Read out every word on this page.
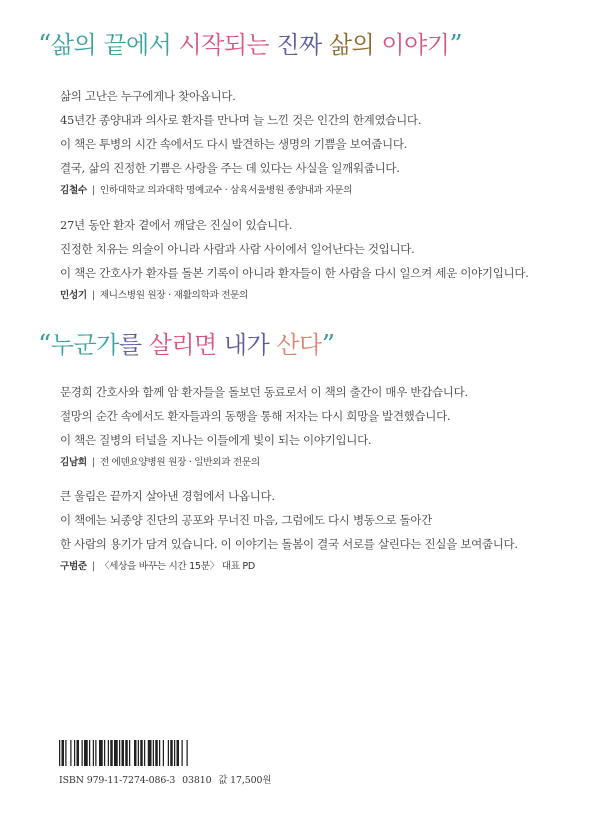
“삶의 끝에서 시작되는 진짜 삶의 이야기”
삶의 고난은 누구에게나 찾아옵니다.
45년간 종양내과 의사로 환자를 만나며 늘 느낀 것은 인간의 한계였습니다.
이 책은 투병의 시간 속에서도 다시 발견하는 생명의 기쁨을 보여줍니다.
결국, 삶의 진정한 기쁨은 사랑을 주는 데 있다는 사실을 일깨워줍니다.
김철수 | 인하대학교 의과대학 명예교수 · 삼육서울병원 종양내과 자문의
27년 동안 환자 곁에서 깨달은 진실이 있습니다.
진정한 치유는 의술이 아니라 사람과 사람 사이에서 일어난다는 것입니다.
이 책은 간호사가 환자를 돌본 기록이 아니라 환자들이 한 사람을 다시 일으켜 세운 이야기입니다.
민성기 | 제니스병원 원장 · 재활의학과 전문의
“누군가를 살리면 내가 산다”
문경희 간호사와 함께 암 환자들을 돌보던 동료로서 이 책의 출간이 매우 반갑습니다.
절망의 순간 속에서도 환자들과의 동행을 통해 저자는 다시 희망을 발견했습니다.
이 책은 질병의 터널을 지나는 이들에게 빛이 되는 이야기입니다.
김남희 | 전 에덴요양병원 원장 · 일반외과 전문의
큰 울림은 끝까지 살아낸 경험에서 나옵니다.
이 책에는 뇌종양 진단의 공포와 무너진 마음, 그럼에도 다시 병동으로 돌아간
한 사람의 용기가 담겨 있습니다. 이 이야기는 돌봄이 결국 서로를 살린다는 진실을 보여줍니다.
구범준 | 〈세상을 바꾸는 시간 15분〉 대표 PD
ISBN 979-11-7274-086-3 03810 값 17,500원
